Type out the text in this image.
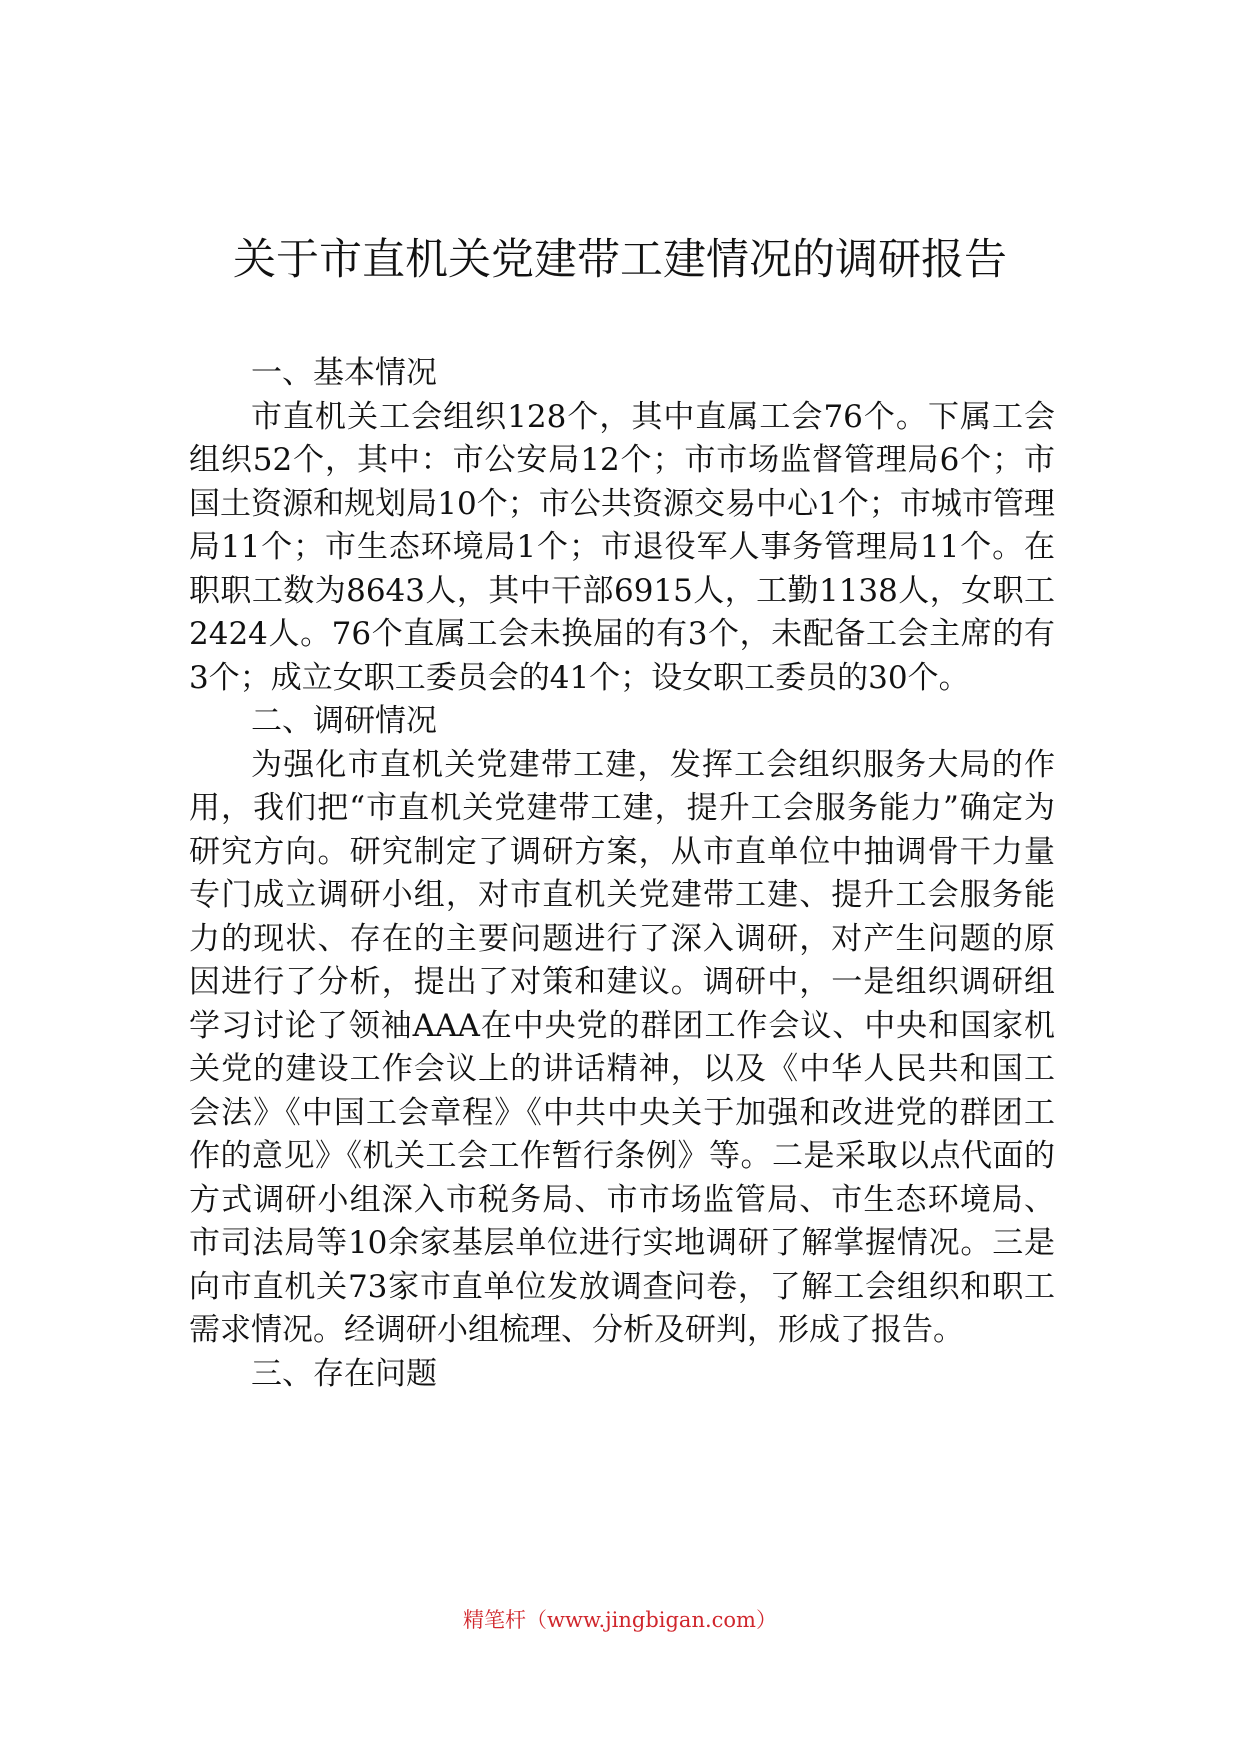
关于市直机关党建带工建情况的调研报告

一、基本情况

市直机关工会组织128个，其中直属工会76个。下属工会组织52个，其中：市公安局12个；市市场监督管理局6个；市国土资源和规划局10个；市公共资源交易中心1个；市城市管理局11个；市生态环境局1个；市退役军人事务管理局11个。在职职工数为8643人，其中干部6915人，工勤1138人，女职工2424人。76个直属工会未换届的有3个，未配备工会主席的有3个；成立女职工委员会的41个；设女职工委员的30个。

二、调研情况

为强化市直机关党建带工建，发挥工会组织服务大局的作用，我们把“市直机关党建带工建，提升工会服务能力”确定为研究方向。研究制定了调研方案，从市直单位中抽调骨干力量专门成立调研小组，对市直机关党建带工建、提升工会服务能力的现状、存在的主要问题进行了深入调研，对产生问题的原因进行了分析，提出了对策和建议。调研中，一是组织调研组学习讨论了领袖AAA在中央党的群团工作会议、中央和国家机关党的建设工作会议上的讲话精神，以及《中华人民共和国工会法》《中国工会章程》《中共中央关于加强和改进党的群团工作的意见》《机关工会工作暂行条例》等。二是采取以点代面的方式调研小组深入市税务局、市市场监管局、市生态环境局、市司法局等10余家基层单位进行实地调研了解掌握情况。三是向市直机关73家市直单位发放调查问卷，了解工会组织和职工需求情况。经调研小组梳理、分析及研判，形成了报告。

三、存在问题

精笔杆（www.jingbigan.com）
